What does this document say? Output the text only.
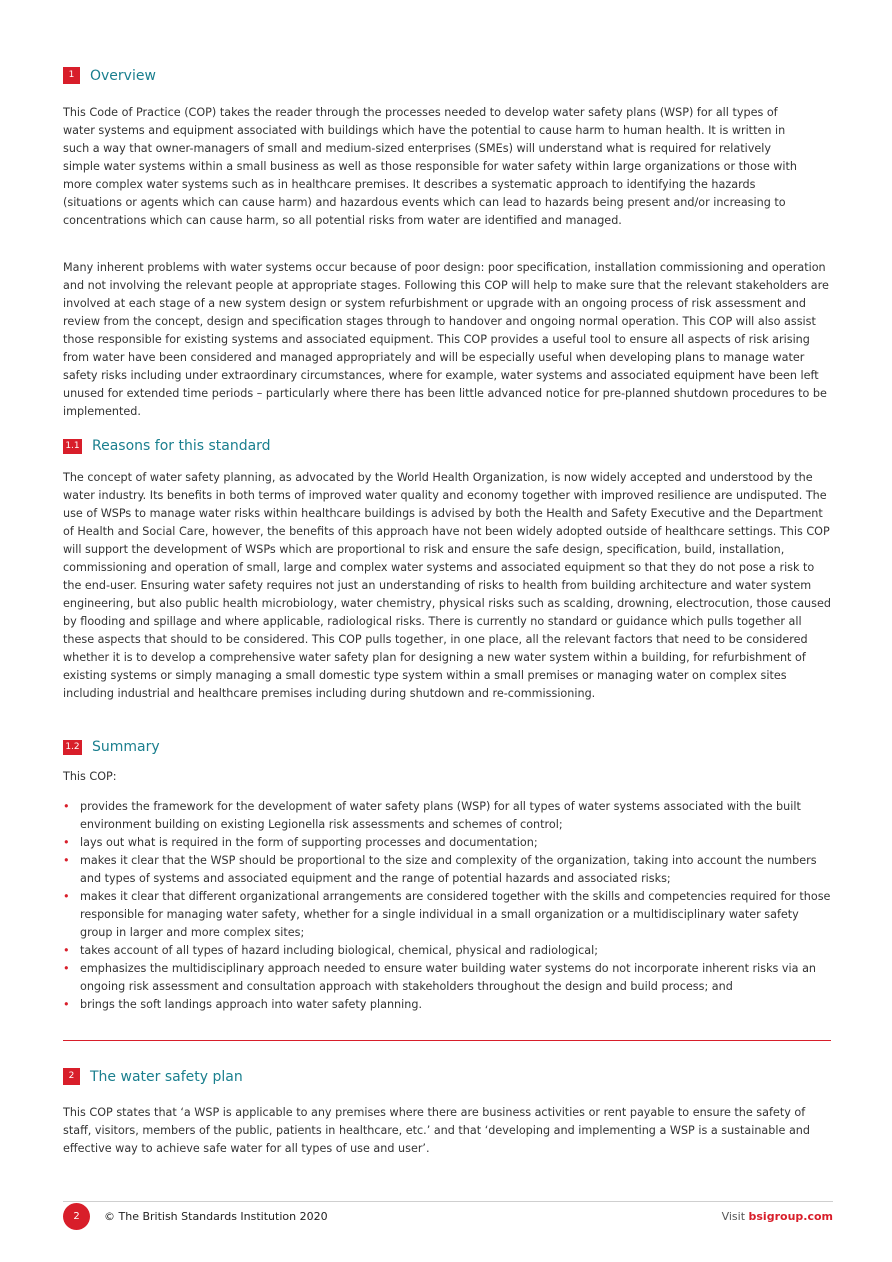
1	Overview

This Code of Practice (COP) takes the reader through the processes needed to develop water safety plans (WSP) for all types of water systems and equipment associated with buildings which have the potential to cause harm to human health. It is written in such a way that owner-managers of small and medium-sized enterprises (SMEs) will understand what is required for relatively simple water systems within a small business as well as those responsible for water safety within large organizations or those with more complex water systems such as in healthcare premises. It describes a systematic approach to identifying the hazards (situations or agents which can cause harm) and hazardous events which can lead to hazards being present and/or increasing to concentrations which can cause harm, so all potential risks from water are identified and managed.

Many inherent problems with water systems occur because of poor design: poor specification, installation commissioning and operation and not involving the relevant people at appropriate stages. Following this COP will help to make sure that the relevant stakeholders are involved at each stage of a new system design or system refurbishment or upgrade with an ongoing process of risk assessment and review from the concept, design and specification stages through to handover and ongoing normal operation. This COP will also assist those responsible for existing systems and associated equipment. This COP provides a useful tool to ensure all aspects of risk arising from water have been considered and managed appropriately and will be especially useful when developing plans to manage water safety risks including under extraordinary circumstances, where for example, water systems and associated equipment have been left unused for extended time periods – particularly where there has been little advanced notice for pre-planned shutdown procedures to be implemented.

1.1 Reasons for this standard

The concept of water safety planning, as advocated by the World Health Organization, is now widely accepted and understood by the water industry. Its benefits in both terms of improved water quality and economy together with improved resilience are undisputed. The use of WSPs to manage water risks within healthcare buildings is advised by both the Health and Safety Executive and the Department of Health and Social Care, however, the benefits of this approach have not been widely adopted outside of healthcare settings. This COP will support the development of WSPs which are proportional to risk and ensure the safe design, specification, build, installation, commissioning and operation of small, large and complex water systems and associated equipment so that they do not pose a risk to the end-user. Ensuring water safety requires not just an understanding of risks to health from building architecture and water system engineering, but also public health microbiology, water chemistry, physical risks such as scalding, drowning, electrocution, those caused by flooding and spillage and where applicable, radiological risks. There is currently no standard or guidance which pulls together all these aspects that should to be considered. This COP pulls together, in one place, all the relevant factors that need to be considered whether it is to develop a comprehensive water safety plan for designing a new water system within a building, for refurbishment of existing systems or simply managing a small domestic type system within a small premises or managing water on complex sites including industrial and healthcare premises including during shutdown and re-commissioning.

1.2 Summary

This COP:

• provides the framework for the development of water safety plans (WSP) for all types of water systems associated with the built environment building on existing Legionella risk assessments and schemes of control;
• lays out what is required in the form of supporting processes and documentation;
• makes it clear that the WSP should be proportional to the size and complexity of the organization, taking into account the numbers and types of systems and associated equipment and the range of potential hazards and associated risks;
• makes it clear that different organizational arrangements are considered together with the skills and competencies required for those responsible for managing water safety, whether for a single individual in a small organization or a multidisciplinary water safety group in larger and more complex sites;
• takes account of all types of hazard including biological, chemical, physical and radiological;
• emphasizes the multidisciplinary approach needed to ensure water building water systems do not incorporate inherent risks via an ongoing risk assessment and consultation approach with stakeholders throughout the design and build process; and
• brings the soft landings approach into water safety planning.
2	The water safety plan

This COP states that ‘a WSP is applicable to any premises where there are business activities or rent payable to ensure the safety of staff, visitors, members of the public, patients in healthcare, etc.’ and that ‘developing and implementing a WSP is a sustainable and effective way to achieve safe water for all types of use and user’.

2	© The British Standards Institution 2020	Visit bsigroup.com
